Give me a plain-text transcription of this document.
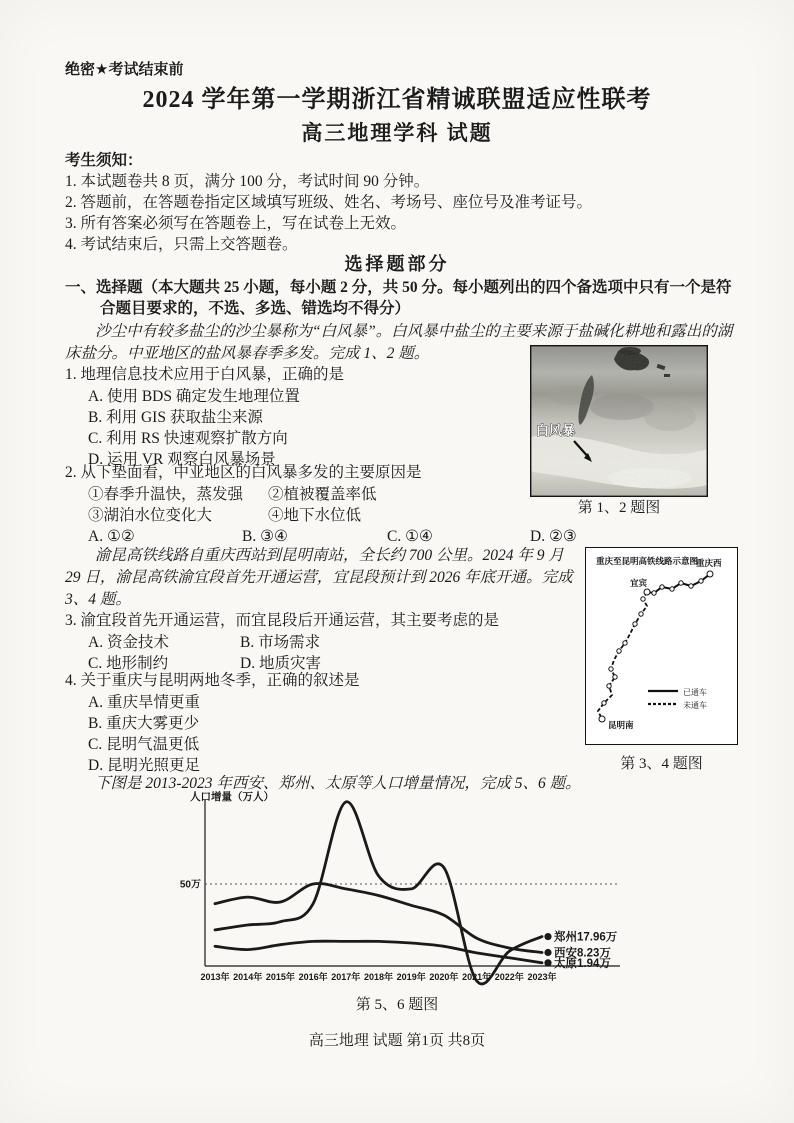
绝密★考试结束前
2024 学年第一学期浙江省精诚联盟适应性联考
高三地理学科 试题
考生须知：
1. 本试题卷共 8 页，满分 100 分，考试时间 90 分钟。
2. 答题前，在答题卷指定区域填写班级、姓名、考场号、座位号及准考证号。
3. 所有答案必须写在答题卷上，写在试卷上无效。
4. 考试结束后，只需上交答题卷。
选择题部分
一、选择题（本大题共 25 小题，每小题 2 分，共 50 分。每小题列出的四个备选项中只有一个是符
合题目要求的，不选、多选、错选均不得分）
沙尘中有较多盐尘的沙尘暴称为“白风暴”。白风暴中盐尘的主要来源于盐碱化耕地和露出的湖
床盐分。中亚地区的盐风暴春季多发。完成 1、2 题。
1. 地理信息技术应用于白风暴，正确的是
A. 使用 BDS 确定发生地理位置
B. 利用 GIS 获取盐尘来源
C. 利用 RS 快速观察扩散方向
D. 运用 VR 观察白风暴场景
2. 从下垫面看，中亚地区的白风暴多发的主要原因是
①春季升温快，蒸发强 ②植被覆盖率低
③湖泊水位变化大	④地下水位低
A. ①②	B. ③④	C. ①④	D. ②③
白风暴
第 1、2 题图
渝昆高铁线路自重庆西站到昆明南站，全长约 700 公里。2024 年 9 月
29 日，渝昆高铁渝宜段首先开通运营，宜昆段预计到 2026 年底开通。完成
3、4 题。
3. 渝宜段首先开通运营，而宜昆段后开通运营，其主要考虑的是
A. 资金技术	B. 市场需求
C. 地形制约	D. 地质灾害
4. 关于重庆与昆明两地冬季，正确的叙述是
A. 重庆旱情更重
B. 重庆大雾更少
C. 昆明气温更低
D. 昆明光照更足
重庆至昆明高铁线路示意图
重庆西
宜宾
昆明南
已通车
未通车
第 3、4 题图
下图是 2013-2023 年西安、郑州、太原等人口增量情况，完成 5、6 题。
人口增量（万人）
50万
2013年 2014年 2015年 2016年 2017年 2018年 2019年 2020年 2021年 2022年 2023年
郑州17.96万
西安8.23万
太原1.94万
第 5、6 题图
高三地理 试题 第1页 共8页
